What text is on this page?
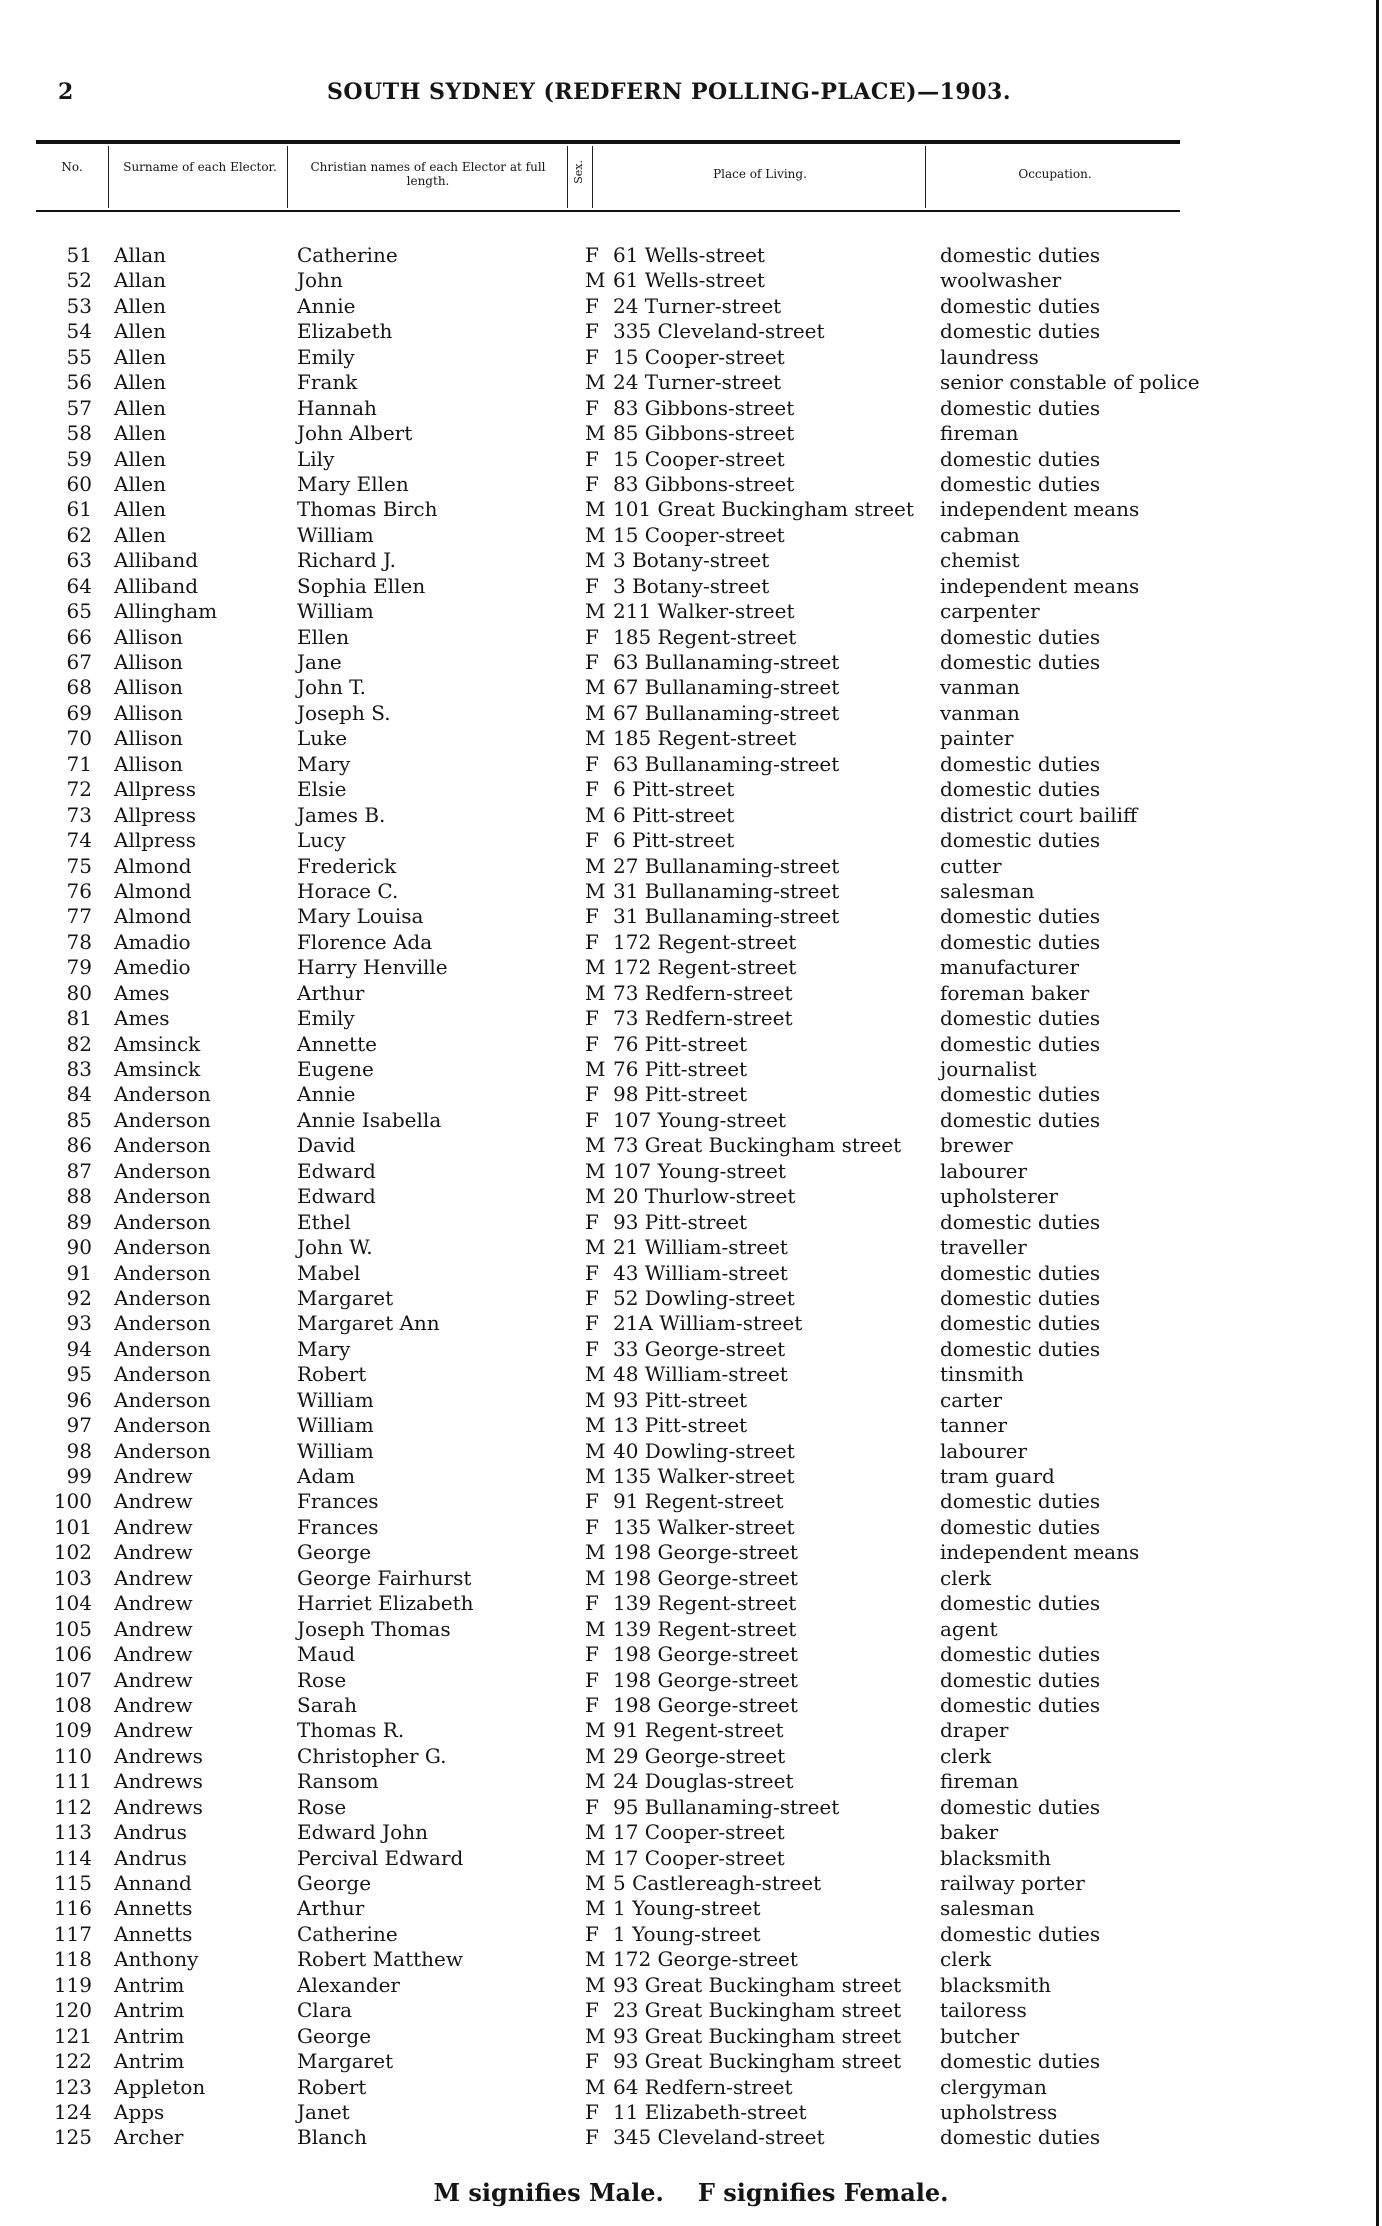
2	SOUTH SYDNEY (REDFERN POLLING-PLACE)—1903.
No.	Surname of each Elector.	Christian names of each Elector at full length.	Sex.	Place of Living.	Occupation.
51 Allan	Catherine	F 61 Wells-street	domestic duties
52 Allan	John	M 61 Wells-street	woolwasher
53 Allen	Annie	F 24 Turner-street	domestic duties
54 Allen	Elizabeth	F 335 Cleveland-street	domestic duties
55 Allen	Emily	F 15 Cooper-street	laundress
56 Allen	Frank	M 24 Turner-street	senior constable of police
57 Allen	Hannah	F 83 Gibbons-street	domestic duties
58 Allen	John Albert	M 85 Gibbons-street	fireman
59 Allen	Lily	F 15 Cooper-street	domestic duties
60 Allen	Mary Ellen	F 83 Gibbons-street	domestic duties
61 Allen	Thomas Birch	M 101 Great Buckingham street independent means
62 Allen	William	M 15 Cooper-street	cabman
63 Alliband	Richard J.	M 3 Botany-street	chemist
64 Alliband	Sophia Ellen	F 3 Botany-street	independent means
65 Allingham	William	M 211 Walker-street	carpenter
66 Allison	Ellen	F 185 Regent-street	domestic duties
67 Allison	Jane	F 63 Bullanaming-street	domestic duties
68 Allison	John T.	M 67 Bullanaming-street	vanman
69 Allison	Joseph S.	M 67 Bullanaming-street	vanman
70 Allison	Luke	M 185 Regent-street	painter
71 Allison	Mary	F 63 Bullanaming-street	domestic duties
72 Allpress	Elsie	F 6 Pitt-street	domestic duties
73 Allpress	James B.	M 6 Pitt-street	district court bailiff
74 Allpress	Lucy	F 6 Pitt-street	domestic duties
75 Almond	Frederick	M 27 Bullanaming-street	cutter
76 Almond	Horace C.	M 31 Bullanaming-street	salesman
77 Almond	Mary Louisa	F 31 Bullanaming-street	domestic duties
78 Amadio	Florence Ada	F 172 Regent-street	domestic duties
79 Amedio	Harry Henville	M 172 Regent-street	manufacturer
80 Ames	Arthur	M 73 Redfern-street	foreman baker
81 Ames	Emily	F 73 Redfern-street	domestic duties
82 Amsinck	Annette	F 76 Pitt-street	domestic duties
83 Amsinck	Eugene	M 76 Pitt-street	journalist
84 Anderson	Annie	F 98 Pitt-street	domestic duties
85 Anderson	Annie Isabella	F 107 Young-street	domestic duties
86 Anderson	David	M 73 Great Buckingham street brewer
87 Anderson	Edward	M 107 Young-street	labourer
88 Anderson	Edward	M 20 Thurlow-street	upholsterer
89 Anderson	Ethel	F 93 Pitt-street	domestic duties
90 Anderson	John W.	M 21 William-street	traveller
91 Anderson	Mabel	F 43 William-street	domestic duties
92 Anderson	Margaret	F 52 Dowling-street	domestic duties
93 Anderson	Margaret Ann	F 21A William-street	domestic duties
94 Anderson	Mary	F 33 George-street	domestic duties
95 Anderson	Robert	M 48 William-street	tinsmith
96 Anderson	William	M 93 Pitt-street	carter
97 Anderson	William	M 13 Pitt-street	tanner
98 Anderson	William	M 40 Dowling-street	labourer
99 Andrew	Adam	M 135 Walker-street	tram guard
100 Andrew	Frances	F 91 Regent-street	domestic duties
101 Andrew	Frances	F 135 Walker-street	domestic duties
102 Andrew	George	M 198 George-street	independent means
103 Andrew	George Fairhurst	M 198 George-street	clerk
104 Andrew	Harriet Elizabeth	F 139 Regent-street	domestic duties
105 Andrew	Joseph Thomas	M 139 Regent-street	agent
106 Andrew	Maud	F 198 George-street	domestic duties
107 Andrew	Rose	F 198 George-street	domestic duties
108 Andrew	Sarah	F 198 George-street	domestic duties
109 Andrew	Thomas R.	M 91 Regent-street	draper
110 Andrews	Christopher G.	M 29 George-street	clerk
111 Andrews	Ransom	M 24 Douglas-street	fireman
112 Andrews	Rose	F 95 Bullanaming-street	domestic duties
113 Andrus	Edward John	M 17 Cooper-street	baker
114 Andrus	Percival Edward	M 17 Cooper-street	blacksmith
115 Annand	George	M 5 Castlereagh-street	railway porter
116 Annetts	Arthur	M 1 Young-street	salesman
117 Annetts	Catherine	F 1 Young-street	domestic duties
118 Anthony	Robert Matthew	M 172 George-street	clerk
119 Antrim	Alexander	M 93 Great Buckingham street blacksmith
120 Antrim	Clara	F 23 Great Buckingham street tailoress
121 Antrim	George	M 93 Great Buckingham street butcher
122 Antrim	Margaret	F 93 Great Buckingham street domestic duties
123 Appleton	Robert	M 64 Redfern-street	clergyman
124 Apps	Janet	F 11 Elizabeth-street	upholstress
125 Archer	Blanch	F 345 Cleveland-street	domestic duties
M signifies Male. F signifies Female.
